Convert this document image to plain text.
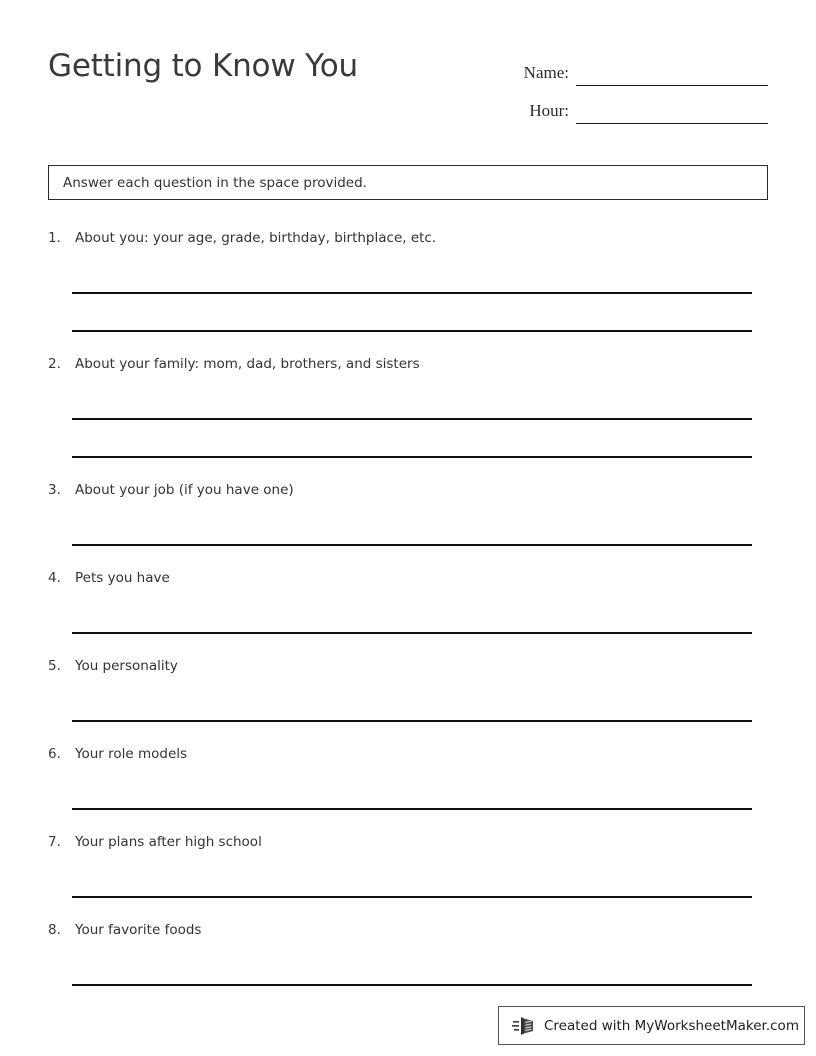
Getting to Know You	Name:
Hour:
Answer each question in the space provided.
1.	About you: your age, grade, birthday, birthplace, etc.
2.	About your family: mom, dad, brothers, and sisters
3.	About your job (if you have one)
4.	Pets you have
5.	You personality
6.	Your role models
7.	Your plans after high school
8.	Your favorite foods
Created with MyWorksheetMaker.com
